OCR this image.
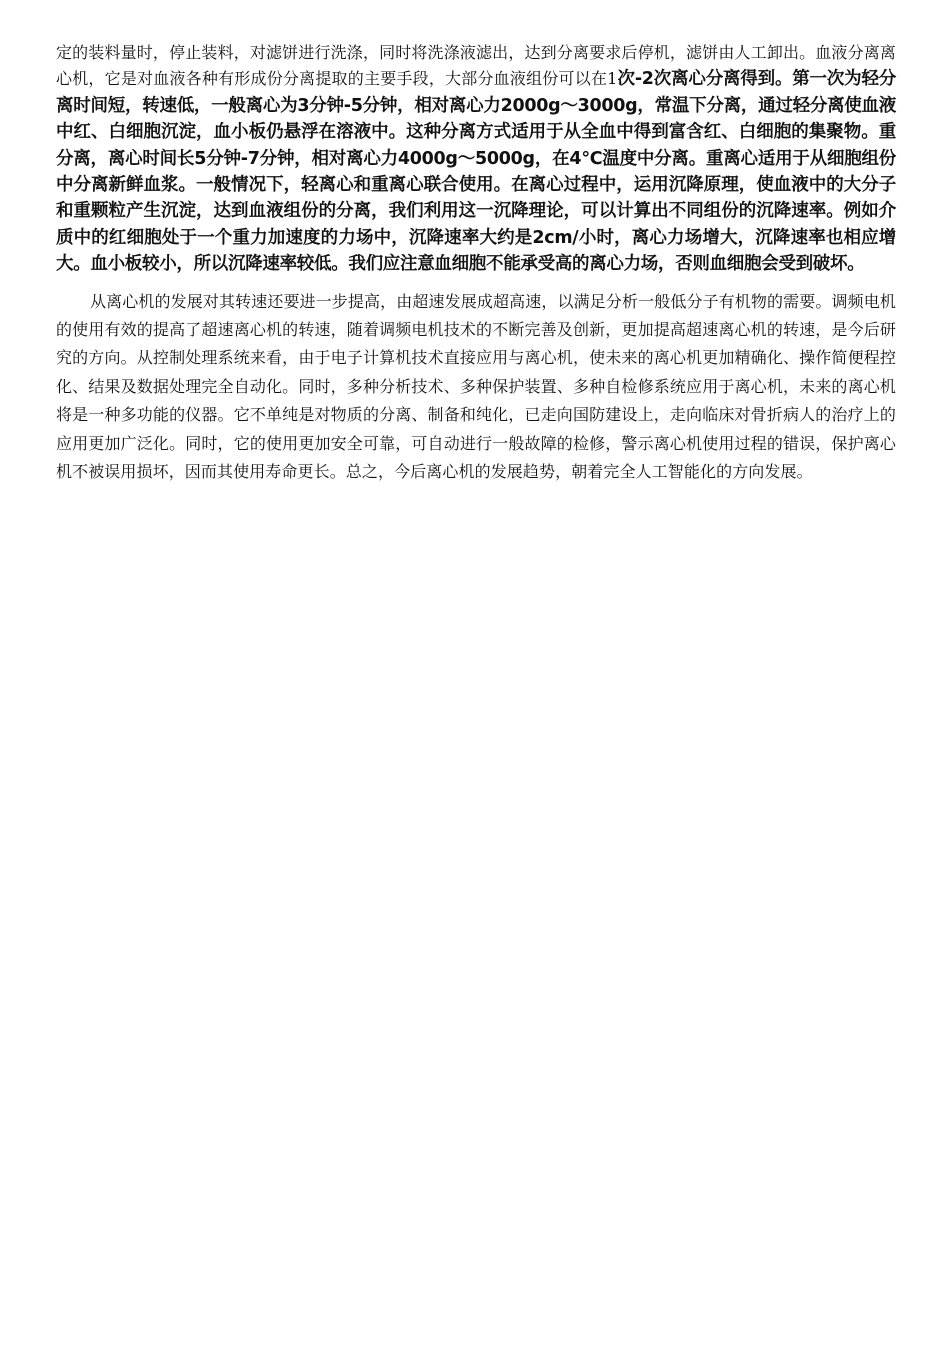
定的装料量时，停止装料，对滤饼进行洗涤，同时将洗涤液滤出，达到分离要求后停机，滤饼由人工卸出。血液分离离心机，它是对血液各种有形成份分离提取的主要手段，大部分血液组份可以在1次-2次离心分离得到。第一次为轻分离时间短，转速低，一般离心为3分钟-5分钟，相对离心力2000g～3000g，常温下分离，通过轻分离使血液中红、白细胞沉淀，血小板仍悬浮在溶液中。这种分离方式适用于从全血中得到富含红、白细胞的集聚物。重分离，离心时间长5分钟-7分钟，相对离心力4000g～5000g，在4℃温度中分离。重离心适用于从细胞组份中分离新鲜血浆。一般情况下，轻离心和重离心联合使用。在离心过程中，运用沉降原理，使血液中的大分子和重颗粒产生沉淀，达到血液组份的分离，我们利用这一沉降理论，可以计算出不同组份的沉降速率。例如介质中的红细胞处于一个重力加速度的力场中，沉降速率大约是2cm/小时，离心力场增大，沉降速率也相应增大。血小板较小，所以沉降速率较低。我们应注意血细胞不能承受高的离心力场，否则血细胞会受到破坏。

从离心机的发展对其转速还要进一步提高，由超速发展成超高速，以满足分析一般低分子有机物的需要。调频电机的使用有效的提高了超速离心机的转速，随着调频电机技术的不断完善及创新，更加提高超速离心机的转速，是今后研究的方向。从控制处理系统来看，由于电子计算机技术直接应用与离心机，使未来的离心机更加精确化、操作简便程控化、结果及数据处理完全自动化。同时，多种分析技术、多种保护装置、多种自检修系统应用于离心机，未来的离心机将是一种多功能的仪器。它不单纯是对物质的分离、制备和纯化，已走向国防建设上，走向临床对骨折病人的治疗上的应用更加广泛化。同时，它的使用更加安全可靠，可自动进行一般故障的检修，警示离心机使用过程的错误，保护离心机不被误用损坏，因而其使用寿命更长。总之，今后离心机的发展趋势，朝着完全人工智能化的方向发展。
